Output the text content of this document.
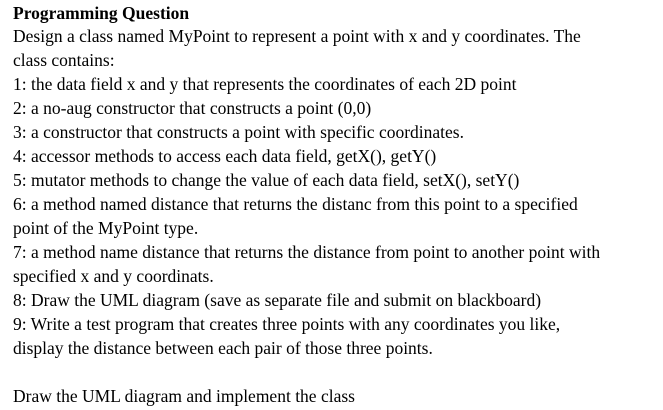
Programming Question

Design a class named MyPoint to represent a point with x and y coordinates. The

class contains:

1: the data field x and y that represents the coordinates of each 2D point

2: a no-aug constructor that constructs a point (0,0)

3: a constructor that constructs a point with specific coordinates.

4: accessor methods to access each data field, getX(), getY()

5: mutator methods to change the value of each data field, setX(), setY()

6: a method named distance that returns the distanc from this point to a specified

point of the MyPoint type.

7: a method name distance that returns the distance from point to another point with

specified x and y coordinats.

8: Draw the UML diagram (save as separate file and submit on blackboard)

9: Write a test program that creates three points with any coordinates you like,

display the distance between each pair of those three points.

Draw the UML diagram and implement the class
